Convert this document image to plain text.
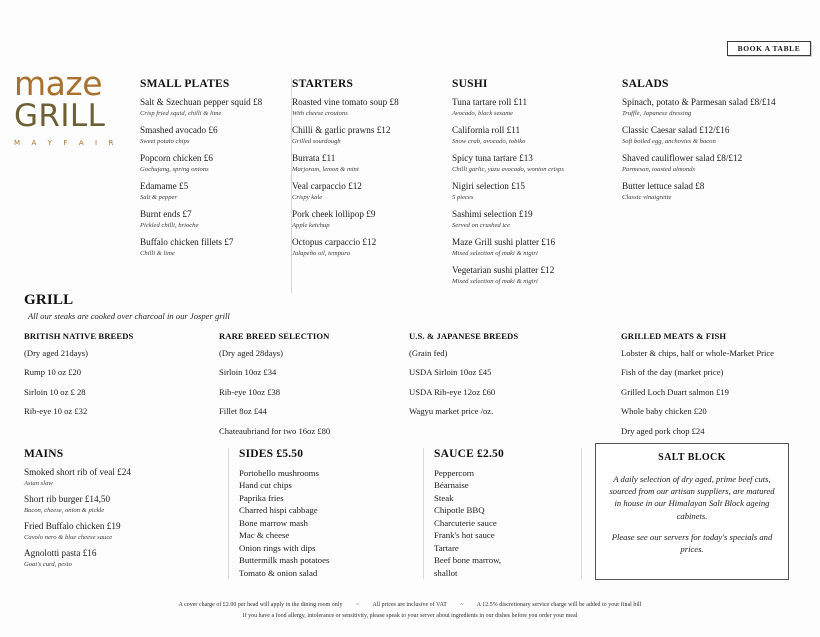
BOOK A TABLE
maze
GRILL
M A Y F A I R
SMALL PLATES
Salt & Szechuan pepper squid £8
Crisp fried squid, chilli & lime
Smashed avocado £6
Sweet potato chips
Popcorn chicken £6
Gochujang, spring onions
Edamame £5
Salt & pepper
Burnt ends £7
Pickled chilli, brioche
Buffalo chicken fillets £7
Chilli & lime
STARTERS
Roasted vine tomato soup £8
With cheese croutons
Chilli & garlic prawns £12
Grilled sourdough
Burrata £11
Marjoram, lemon & mint
Veal carpaccio £12
Crispy kale
Pork cheek lollipop £9
Apple ketchup
Octopus carpaccio £12
Jalapeño oil, tempura
SUSHI
Tuna tartare roll £11
Avocado, black sesame
California roll £11
Snow crab, avocado, tobiko
Spicy tuna tartare £13
Chilli garlic, yuzu avocado, wonton crisps
Nigiri selection £15
5 pieces
Sashimi selection £19
Served on crushed ice
Maze Grill sushi platter £16
Mixed selection of maki & nigiri
Vegetarian sushi platter £12
Mixed selection of maki & nigiri
SALADS
Spinach, potato & Parmesan salad £8/£14
Truffle, Japanese dressing
Classic Caesar salad £12/£16
Soft boiled egg, anchovies & bacon
Shaved cauliflower salad £8/£12
Parmesan, toasted almonds
Butter lettuce salad £8
Classic vinaigrette
GRILL
All our steaks are cooked over charcoal in our Josper grill
BRITISH NATIVE BREEDS
(Dry aged 21days)
Rump 10 oz £20
Sirloin 10 oz £ 28
Rib-eye 10 oz £32
RARE BREED SELECTION
(Dry aged 28days)
Sirloin 10oz £34
Rib-eye 10oz £38
Fillet 8oz £44
Chateaubriand for two 16oz £80
U.S. & JAPANESE BREEDS
(Grain fed)
USDA Sirloin 10oz £45
USDA Rib-eye 12oz £60
Wagyu market price /oz.
GRILLED MEATS & FISH
Lobster & chips, half or whole-Market Price
Fish of the day (market price)
Grilled Loch Duart salmon £19
Whole baby chicken £20
Dry aged pork chop £24
MAINS
Smoked short rib of veal £24
Asian slaw
Short rib burger £14,50
Bacon, cheese, onion & pickle
Fried Buffalo chicken £19
Cavolo nero & blue cheese sauce
Agnolotti pasta £16
Goat's curd, pesto
SIDES £5.50
Portobello mushrooms
Hand cut chips
Paprika fries
Charred hispi cabbage
Bone marrow mash
Mac & cheese
Onion rings with dips
Buttermilk mash potatoes
Tomato & onion salad
SAUCE £2.50
Peppercorn
Béarnaise
Steak
Chipotle BBQ
Charcuterie sauce
Frank's hot sauce
Tartare
Beef bone marrow,
shallot
SALT BLOCK
A daily selection of dry aged, prime beef cuts, sourced from our artisan suppliers, are matured in house in our Himalayan Salt Block ageing cabinets.
Please see our servers for today's specials and prices.
A cover charge of £2.00 per head will apply in the dining room only ~ All prices are inclusive of VAT ~ A 12.5% discretionary service charge will be added to your final bill
If you have a food allergy, intolerance or sensitivity, please speak to your server about ingredients in our dishes before you order your meal
